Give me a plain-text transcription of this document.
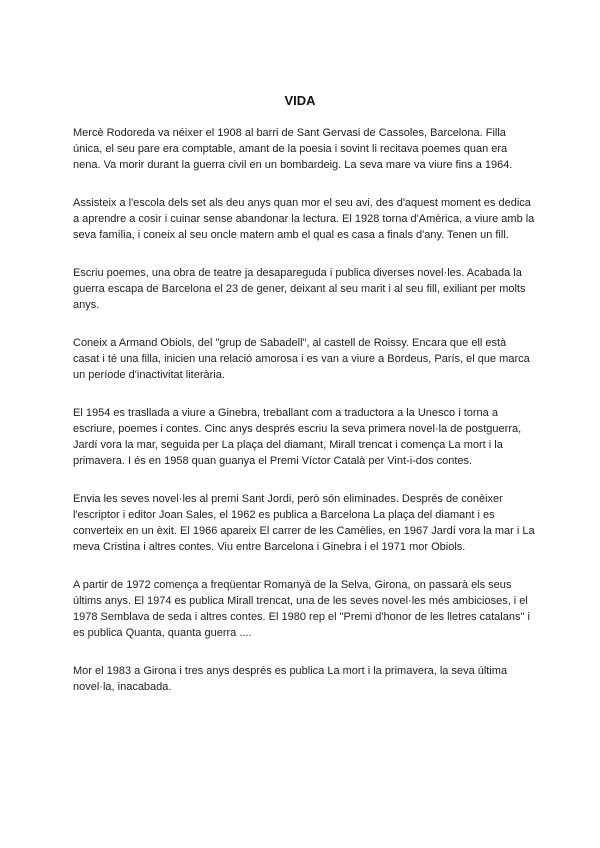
VIDA

Mercè Rodoreda va néixer el 1908 al barri de Sant Gervasi de Cassoles, Barcelona. Filla única, el seu pare era comptable, amant de la poesia i sovint li recitava poemes quan era nena. Va morir durant la guerra civil en un bombardeig. La seva mare va viure fins a 1964.

Assisteix a l'escola dels set als deu anys quan mor el seu avi, des d'aquest moment es dedica a aprendre a cosir i cuinar sense abandonar la lectura. El 1928 torna d'Amèrica, a viure amb la seva família, i coneix al seu oncle matern amb el qual es casa a finals d'any. Tenen un fill.

Escriu poemes, una obra de teatre ja desapareguda i publica diverses novel·les. Acabada la guerra escapa de Barcelona el 23 de gener, deixant al seu marit i al seu fill, exiliant per molts anys.

Coneix a Armand Obiols, del "grup de Sabadell", al castell de Roissy. Encara que ell està casat i té una filla, inicien una relació amorosa i es van a viure a Bordeus, París, el que marca un període d'inactivitat literària.

El 1954 es trasllada a viure a Ginebra, treballant com a traductora a la Unesco i torna a escriure, poemes i contes. Cinc anys després escriu la seva primera novel·la de postguerra, Jardí vora la mar, seguida per La plaça del diamant, Mirall trencat i comença La mort i la primavera. I és en 1958 quan guanya el Premi Víctor Català per Vint-i-dos contes.

Envia les seves novel·les al premi Sant Jordi, però són eliminades. Després de conèixer l'escriptor i editor Joan Sales, el 1962 es publica a Barcelona La plaça del diamant i es converteix en un èxit. El 1966 apareix El carrer de les Camèlies, en 1967 Jardí vora la mar i La meva Cristina i altres contes. Viu entre Barcelona i Ginebra i el 1971 mor Obiols.

A partir de 1972 comença a freqüentar Romanyà de la Selva, Girona, on passarà els seus últims anys. El 1974 es publica Mirall trencat, una de les seves novel·les més ambicioses, i el 1978 Semblava de seda i altres contes. El 1980 rep el "Premi d'honor de les lletres catalans" i es publica Quanta, quanta guerra ....

Mor el 1983 a Girona i tres anys després es publica La mort i la primavera, la seva última novel·la, inacabada.
